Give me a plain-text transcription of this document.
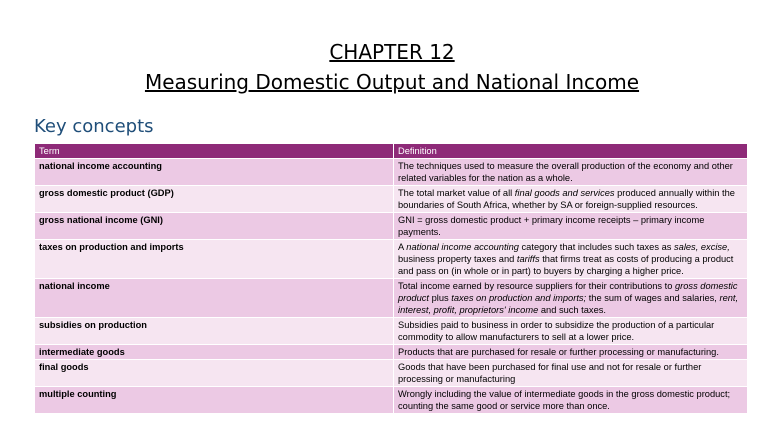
CHAPTER 12
Measuring Domestic Output and National Income
Key concepts
Term	Definition
national income accounting	The techniques used to measure the overall production of the economy and other related variables for the nation as a whole.
gross domestic product (GDP)	The total market value of all final goods and services produced annually within the boundaries of South Africa, whether by SA or foreign-supplied resources.
gross national income (GNI)	GNI = gross domestic product + primary income receipts – primary income payments.
taxes on production and imports	A national income accounting category that includes such taxes as sales, excise, business property taxes and tariffs that firms treat as costs of producing a product and pass on (in whole or in part) to buyers by charging a higher price.
national income	Total income earned by resource suppliers for their contributions to gross domestic product plus taxes on production and imports; the sum of wages and salaries, rent, interest, profit, proprietors' income and such taxes.
subsidies on production	Subsidies paid to business in order to subsidize the production of a particular commodity to allow manufacturers to sell at a lower price.
intermediate goods	Products that are purchased for resale or further processing or manufacturing.
final goods	Goods that have been purchased for final use and not for resale or further processing or manufacturing
multiple counting	Wrongly including the value of intermediate goods in the gross domestic product; counting the same good or service more than once.
